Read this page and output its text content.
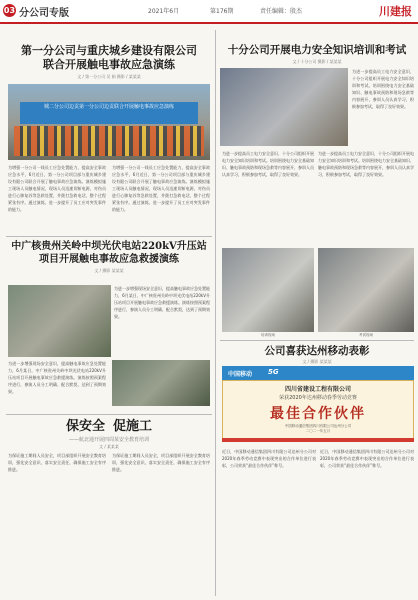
03 分公司专版	2021年6月	第176期	责任编辑：殷杰	川建报
第一分公司与重庆城乡建设有限公司
联合开展触电事故应急演练
文 / 第一分公司 吴 娟 摄影 / 某某某
城二分公司边贡第一分公司边贡联合开展触电事故应急演练
为增强一分公司一线员工应急处置能力，提高安全事故应急水平，6月近日，第一分公司项目部与重庆城乡建设有限公司联合开展了触电事故应急演练。演练模拟施工现场人员触电情况，现场人员迅速切断电源，对伤员进行心肺复苏等急救处置，并拨打急救电话，整个过程紧张有序。通过演练，进一步提升了员工应对突发事件的能力。
为增强一分公司一线员工应急处置能力，提高安全事故应急水平，6月近日，第一分公司项目部与重庆城乡建设有限公司联合开展了触电事故应急演练。演练模拟施工现场人员触电情况，现场人员迅速切断电源，对伤员进行心肺复苏等急救处置，并拨打急救电话，整个过程紧张有序。通过演练，进一步提升了员工应对突发事件的能力。
中广核贵州关岭中坝光伏电站220kV升压站
项目开展触电事故应急救援演练
文 / 摄影 某某某
为进一步增强现场安全意识，提高触电事故应急处置能力，6月某日，中广核贵州关岭中坝光伏电站220kV升压站项目开展触电事故应急救援演练。演练按照预案程序进行，参演人员分工明确、配合默契，达到了预期效果。
为进一步增强现场安全意识，提高触电事故应急处置能力，6月某日，中广核贵州关岭中坝光伏电站220kV升压站项目开展触电事故应急救援演练。演练按照预案程序进行，参演人员分工明确、配合默契，达到了预期效果。
保安全 促施工
——航北通开展四周某安全教育培训
文 / 某某某
为保证施工期间人员安全，项目部组织开展安全教育培训，强化安全意识，落实安全责任，确保施工安全有序推进。
为保证施工期间人员安全，项目部组织开展安全教育培训，强化安全意识，落实安全责任，确保施工安全有序推进。
十分公司开展电力安全知识培训和考试
文 / 十分公司 摄影 / 某某某
为进一步提高员工电力安全意识，十分公司组织开展电力安全知识培训和考试。培训围绕电力安全基础知识、触电事故预防和现场急救等内容展开，参训人员认真学习，积极参加考试，取得了良好效果。
为进一步提高员工电力安全意识，十分公司组织开展电力安全知识培训和考试。培训围绕电力安全基础知识、触电事故预防和现场急救等内容展开，参训人员认真学习，积极参加考试，取得了良好效果。
为进一步提高员工电力安全意识，十分公司组织开展电力安全知识培训和考试。培训围绕电力安全基础知识、触电事故预防和现场急救等内容展开，参训人员认真学习，积极参加考试，取得了良好效果。
培训现场	考试现场
公司喜获达州移动表彰
文 / 摄影 某某某
中国移动 5G
四川省建设工程有限公司
荣获2020年达州移动春季劳动竞赛
最佳合作伙伴
中国移动通信集团四川有限公司达州分公司
二〇二一年五月
近日，中国移动通信集团四川有限公司达州分公司对2020年春季劳动竞赛中表现突出的合作单位进行表彰，公司荣获“最佳合作伙伴”称号。
近日，中国移动通信集团四川有限公司达州分公司对2020年春季劳动竞赛中表现突出的合作单位进行表彰，公司荣获“最佳合作伙伴”称号。
